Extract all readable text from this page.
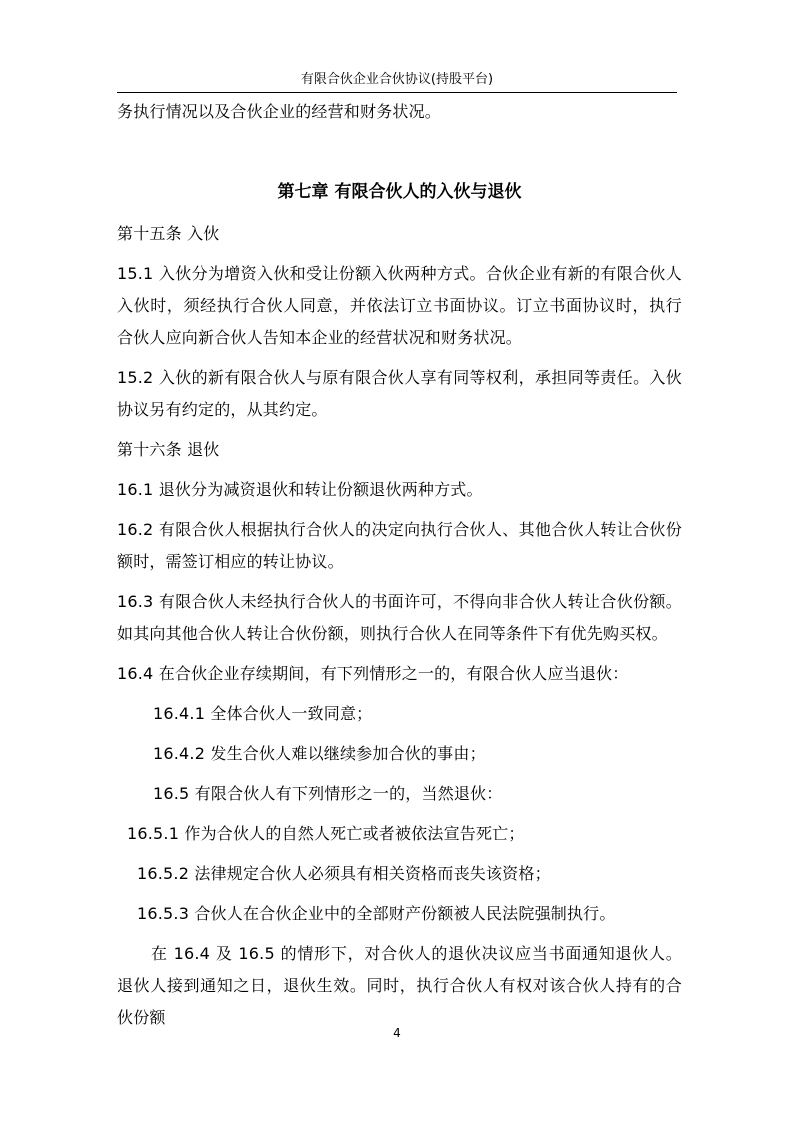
有限合伙企业合伙协议(持股平台)

务执行情况以及合伙企业的经营和财务状况。

第七章 有限合伙人的入伙与退伙

第十五条 入伙

15.1 入伙分为增资入伙和受让份额入伙两种方式。合伙企业有新的有限合伙人入伙时，须经执行合伙人同意，并依法订立书面协议。订立书面协议时，执行合伙人应向新合伙人告知本企业的经营状况和财务状况。

15.2 入伙的新有限合伙人与原有限合伙人享有同等权利，承担同等责任。入伙协议另有约定的，从其约定。

第十六条 退伙

16.1 退伙分为减资退伙和转让份额退伙两种方式。

16.2 有限合伙人根据执行合伙人的决定向执行合伙人、其他合伙人转让合伙份额时，需签订相应的转让协议。

16.3 有限合伙人未经执行合伙人的书面许可，不得向非合伙人转让合伙份额。如其向其他合伙人转让合伙份额，则执行合伙人在同等条件下有优先购买权。

16.4 在合伙企业存续期间，有下列情形之一的，有限合伙人应当退伙：

16.4.1 全体合伙人一致同意；

16.4.2 发生合伙人难以继续参加合伙的事由；

16.5 有限合伙人有下列情形之一的，当然退伙：

16.5.1 作为合伙人的自然人死亡或者被依法宣告死亡；

16.5.2 法律规定合伙人必须具有相关资格而丧失该资格；

16.5.3 合伙人在合伙企业中的全部财产份额被人民法院强制执行。

在 16.4 及 16.5 的情形下，对合伙人的退伙决议应当书面通知退伙人。退伙人接到通知之日，退伙生效。同时，执行合伙人有权对该合伙人持有的合伙份额

4
